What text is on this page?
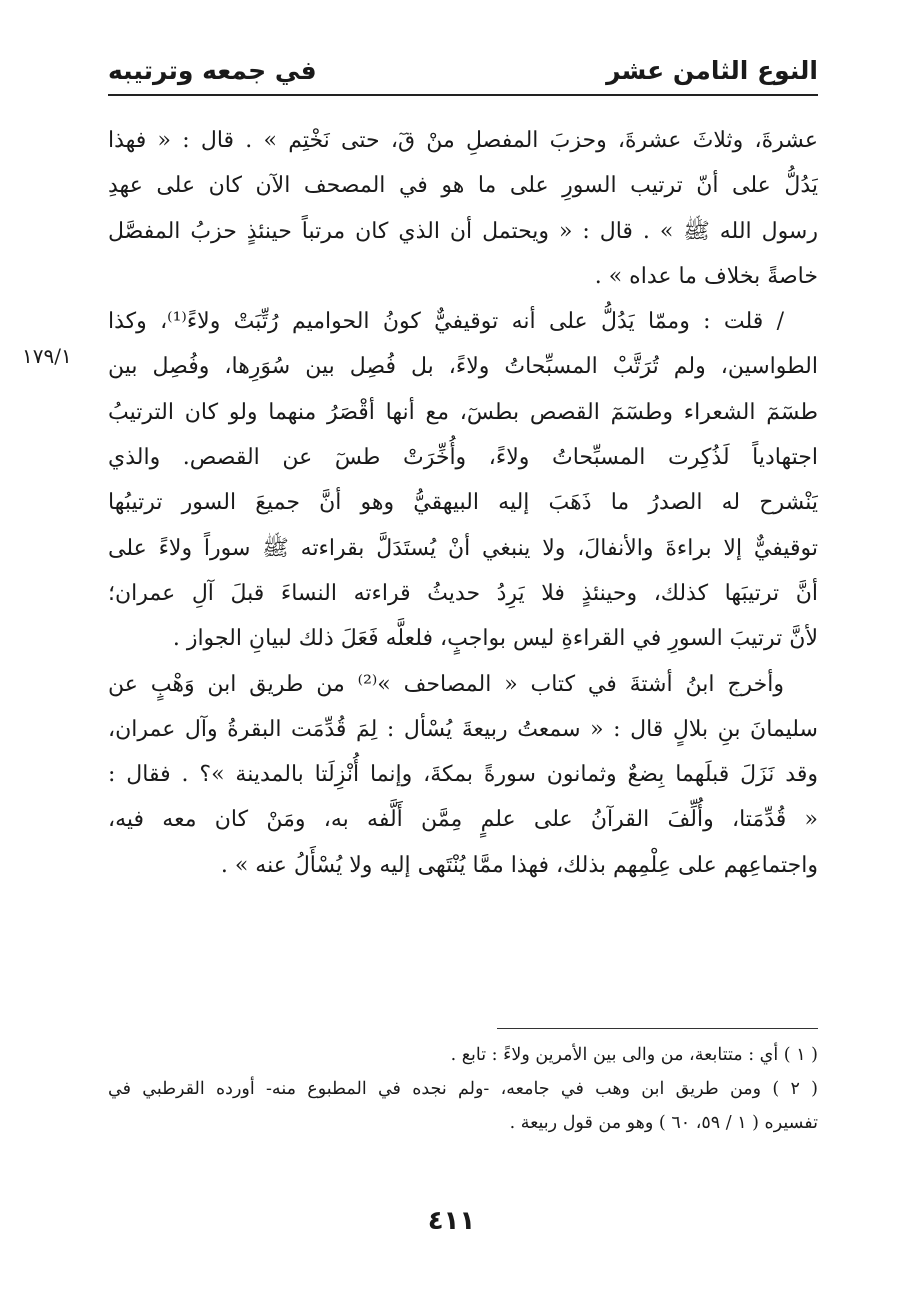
النوع الثامن عشر
في جمعه وترتيبه
١٧٩/١
عشرةَ، وثلاثَ عشرةَ، وحزبَ المفصلِ منْ قٓ، حتى نَخْتِم » . قال : « فهذا
يَدُلُّ على أنّ ترتيب السورِ على ما هو في المصحف الآن كان على عهدِ
رسول الله ﷺ » . قال : « ويحتمل أن الذي كان مرتباً حينئذٍ حزبُ المفصَّل
خاصةً بخلاف ما عداه » .
/ قلت : وممّا يَدُلُّ على أنه توقيفيٌّ كونُ الحواميم رُتِّبَتْ ولاءً⁽¹⁾، وكذا
الطواسين، ولم تُرَتَّبْ المسبِّحاتُ ولاءً، بل فُصِل بين سُوَرِها، وفُصِل بين
طسٓمٓ الشعراء وطسٓمٓ القصص بطسٓ، مع أنها أقْصَرُ منهما ولو كان الترتيبُ
اجتهادياً لَذُكِرت المسبِّحاتُ ولاءً، وأُخِّرَتْ طسٓ عن القصص. والذي
يَنْشرح له الصدرُ ما ذَهَبَ إليه البيهقيُّ وهو أنَّ جميعَ السور ترتيبُها
توقيفيٌّ إلا براءةَ والأنفالَ، ولا ينبغي أنْ يُستَدَلَّ بقراءته ﷺ سوراً ولاءً على
أنَّ ترتيبَها كذلك، وحينئذٍ فلا يَرِدُ حديثُ قراءته النساءَ قبلَ آلِ عمران؛
لأنَّ ترتيبَ السورِ في القراءةِ ليس بواجبٍ، فلعلَّه فَعَلَ ذلك لبيانِ الجواز .
وأخرج ابنُ أشتةَ في كتاب « المصاحف »⁽²⁾ من طريق ابن وَهْبٍ عن
سليمانَ بنِ بلالٍ قال : « سمعتُ ربيعةَ يُسْأل : لِمَ قُدِّمَت البقرةُ وآل عمران،
وقد نَزَلَ قبلَهما بِضعٌ وثمانون سورةً بمكةَ، وإنما أُنْزِلَتا بالمدينة »؟ . فقال :
« قُدِّمَتا، وأُلِّفَ القرآنُ على علمٍ مِمَّن أَلَّفه به، ومَنْ كان معه فيه،
واجتماعِهم على عِلْمِهم بذلك، فهذا ممَّا يُنْتَهى إليه ولا يُسْأَلُ عنه » .
( ١ ) أي : متتابعة، من والى بين الأمرين ولاءً : تابع .
( ٢ ) ومن طريق ابن وهب في جامعه، -ولم نجده في المطبوع منه- أورده القرطبي في
تفسيره ( ١ / ٥٩، ٦٠ ) وهو من قول ربيعة .
٤١١
